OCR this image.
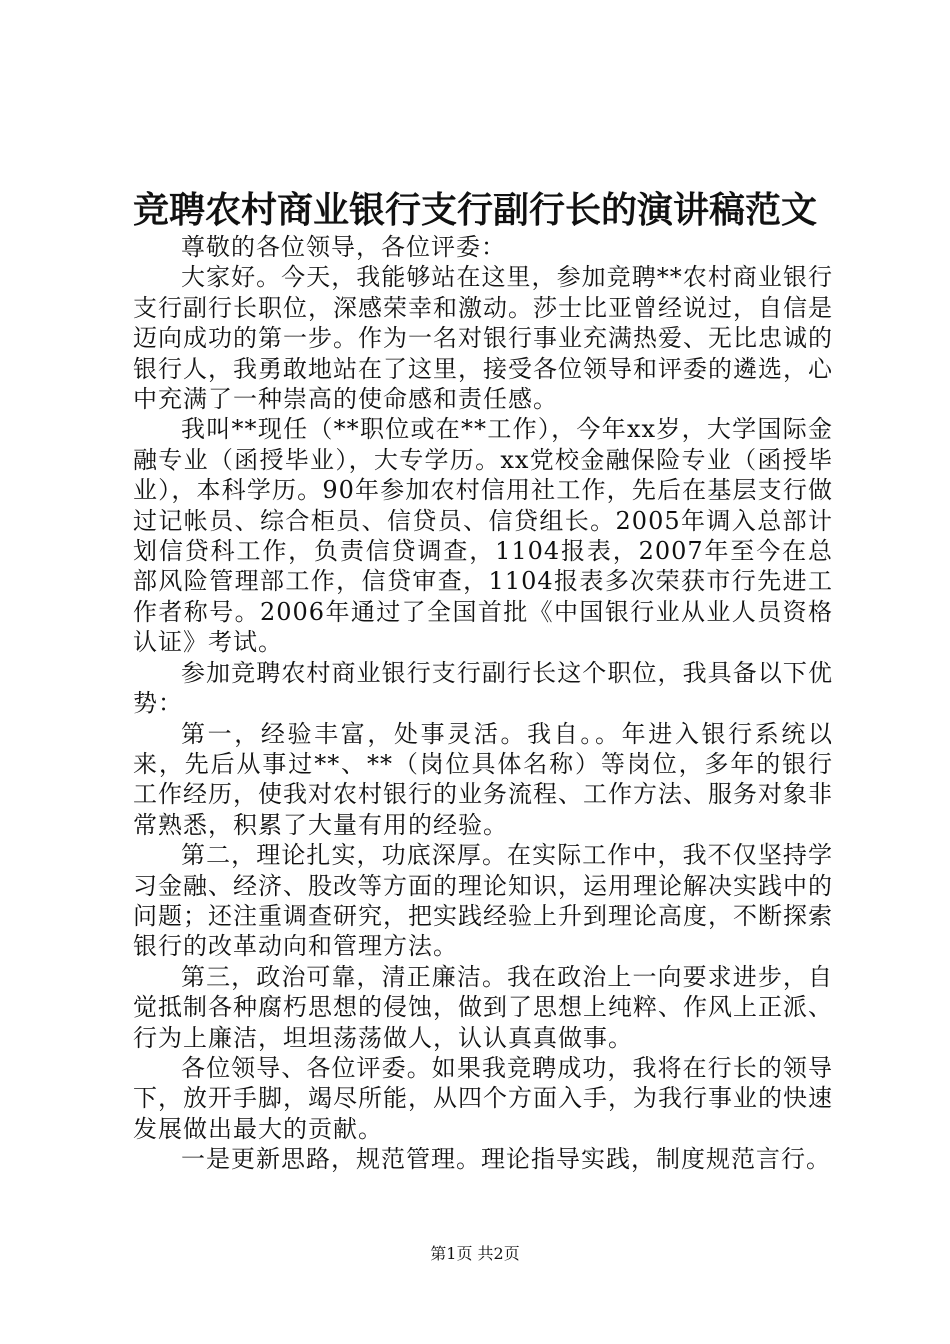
竞聘农村商业银行支行副行长的演讲稿范文

尊敬的各位领导，各位评委：

大家好。今天，我能够站在这里，参加竞聘**农村商业银行支行副行长职位，深感荣幸和激动。莎士比亚曾经说过，自信是迈向成功的第一步。作为一名对银行事业充满热爱、无比忠诚的银行人，我勇敢地站在了这里，接受各位领导和评委的遴选，心中充满了一种崇高的使命感和责任感。

我叫**现任（**职位或在**工作），今年xx岁，大学国际金融专业（函授毕业），大专学历。xx党校金融保险专业（函授毕业），本科学历。90年参加农村信用社工作，先后在基层支行做过记帐员、综合柜员、信贷员、信贷组长。2005年调入总部计划信贷科工作，负责信贷调查，1104报表，2007年至今在总部风险管理部工作，信贷审查，1104报表多次荣获市行先进工作者称号。2006年通过了全国首批《中国银行业从业人员资格认证》考试。

参加竞聘农村商业银行支行副行长这个职位，我具备以下优势：

第一，经验丰富，处事灵活。我自。。年进入银行系统以来，先后从事过**、**（岗位具体名称）等岗位，多年的银行工作经历，使我对农村银行的业务流程、工作方法、服务对象非常熟悉，积累了大量有用的经验。

第二，理论扎实，功底深厚。在实际工作中，我不仅坚持学习金融、经济、股改等方面的理论知识，运用理论解决实践中的问题；还注重调查研究，把实践经验上升到理论高度，不断探索银行的改革动向和管理方法。

第三，政治可靠，清正廉洁。我在政治上一向要求进步，自觉抵制各种腐朽思想的侵蚀，做到了思想上纯粹、作风上正派、行为上廉洁，坦坦荡荡做人，认认真真做事。

各位领导、各位评委。如果我竞聘成功，我将在行长的领导下，放开手脚，竭尽所能，从四个方面入手，为我行事业的快速发展做出最大的贡献。

一是更新思路，规范管理。理论指导实践，制度规范言行。

第1页 共2页
